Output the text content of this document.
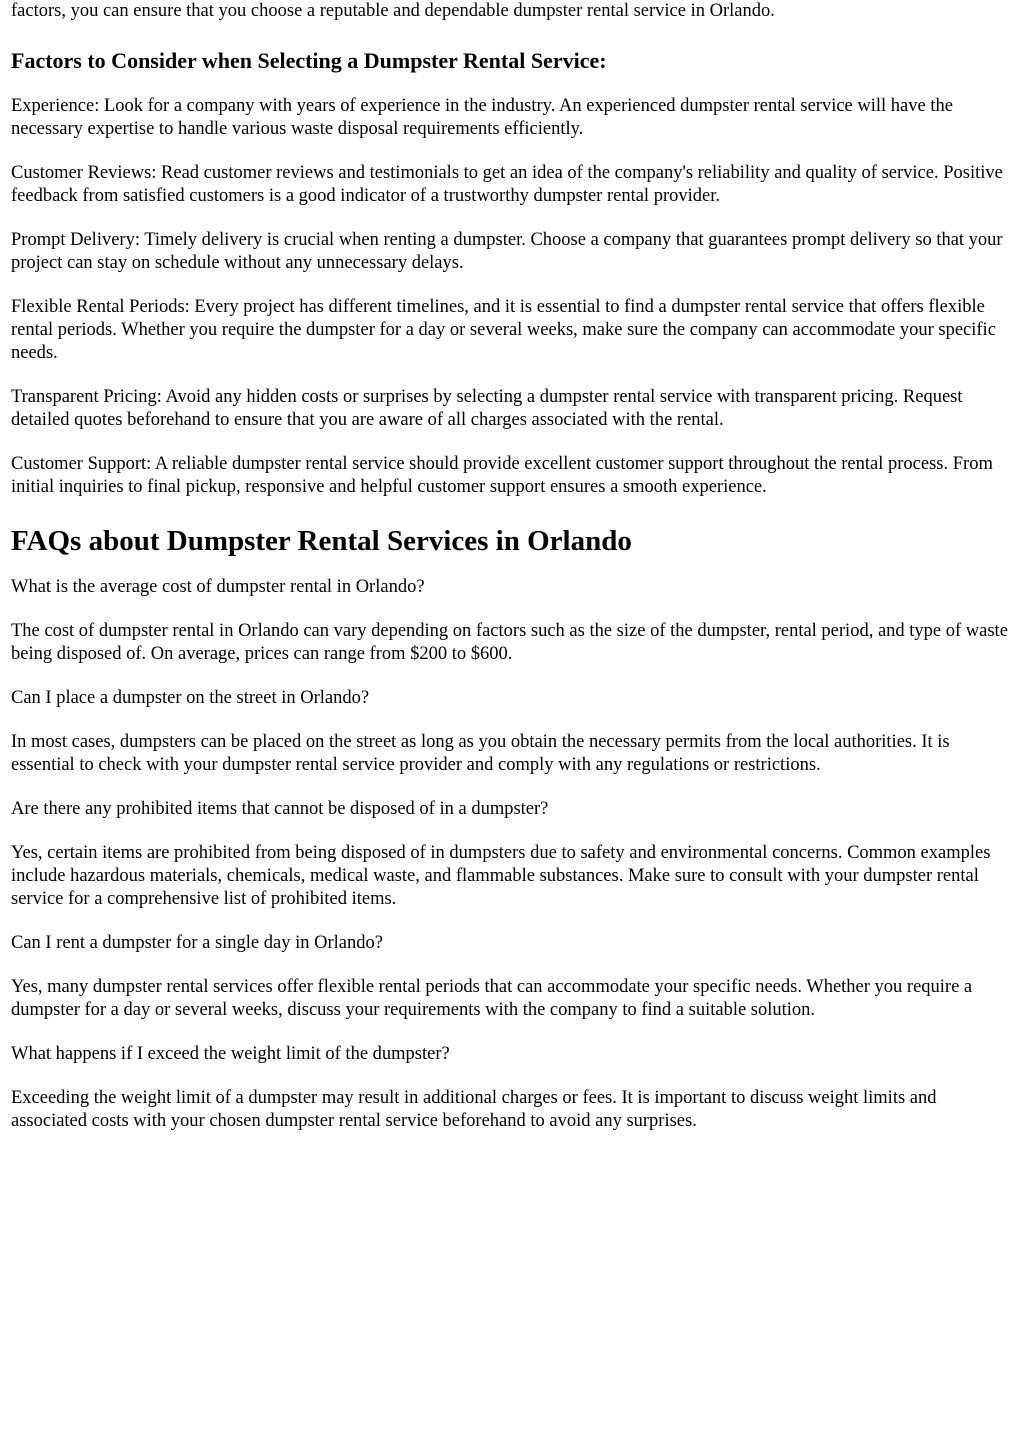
factors, you can ensure that you choose a reputable and dependable dumpster rental service in Orlando.

Factors to Consider when Selecting a Dumpster Rental Service:

Experience: Look for a company with years of experience in the industry. An experienced dumpster rental service will have the necessary expertise to handle various waste disposal requirements efficiently.

Customer Reviews: Read customer reviews and testimonials to get an idea of the company's reliability and quality of service. Positive feedback from satisfied customers is a good indicator of a trustworthy dumpster rental provider.

Prompt Delivery: Timely delivery is crucial when renting a dumpster. Choose a company that guarantees prompt delivery so that your project can stay on schedule without any unnecessary delays.

Flexible Rental Periods: Every project has different timelines, and it is essential to find a dumpster rental service that offers flexible rental periods. Whether you require the dumpster for a day or several weeks, make sure the company can accommodate your specific needs.

Transparent Pricing: Avoid any hidden costs or surprises by selecting a dumpster rental service with transparent pricing. Request detailed quotes beforehand to ensure that you are aware of all charges associated with the rental.

Customer Support: A reliable dumpster rental service should provide excellent customer support throughout the rental process. From initial inquiries to final pickup, responsive and helpful customer support ensures a smooth experience.

FAQs about Dumpster Rental Services in Orlando

What is the average cost of dumpster rental in Orlando?

The cost of dumpster rental in Orlando can vary depending on factors such as the size of the dumpster, rental period, and type of waste being disposed of. On average, prices can range from $200 to $600.

Can I place a dumpster on the street in Orlando?

In most cases, dumpsters can be placed on the street as long as you obtain the necessary permits from the local authorities. It is essential to check with your dumpster rental service provider and comply with any regulations or restrictions.

Are there any prohibited items that cannot be disposed of in a dumpster?

Yes, certain items are prohibited from being disposed of in dumpsters due to safety and environmental concerns. Common examples include hazardous materials, chemicals, medical waste, and flammable substances. Make sure to consult with your dumpster rental service for a comprehensive list of prohibited items.

Can I rent a dumpster for a single day in Orlando?

Yes, many dumpster rental services offer flexible rental periods that can accommodate your specific needs. Whether you require a dumpster for a day or several weeks, discuss your requirements with the company to find a suitable solution.

What happens if I exceed the weight limit of the dumpster?

Exceeding the weight limit of a dumpster may result in additional charges or fees. It is important to discuss weight limits and associated costs with your chosen dumpster rental service beforehand to avoid any surprises.
